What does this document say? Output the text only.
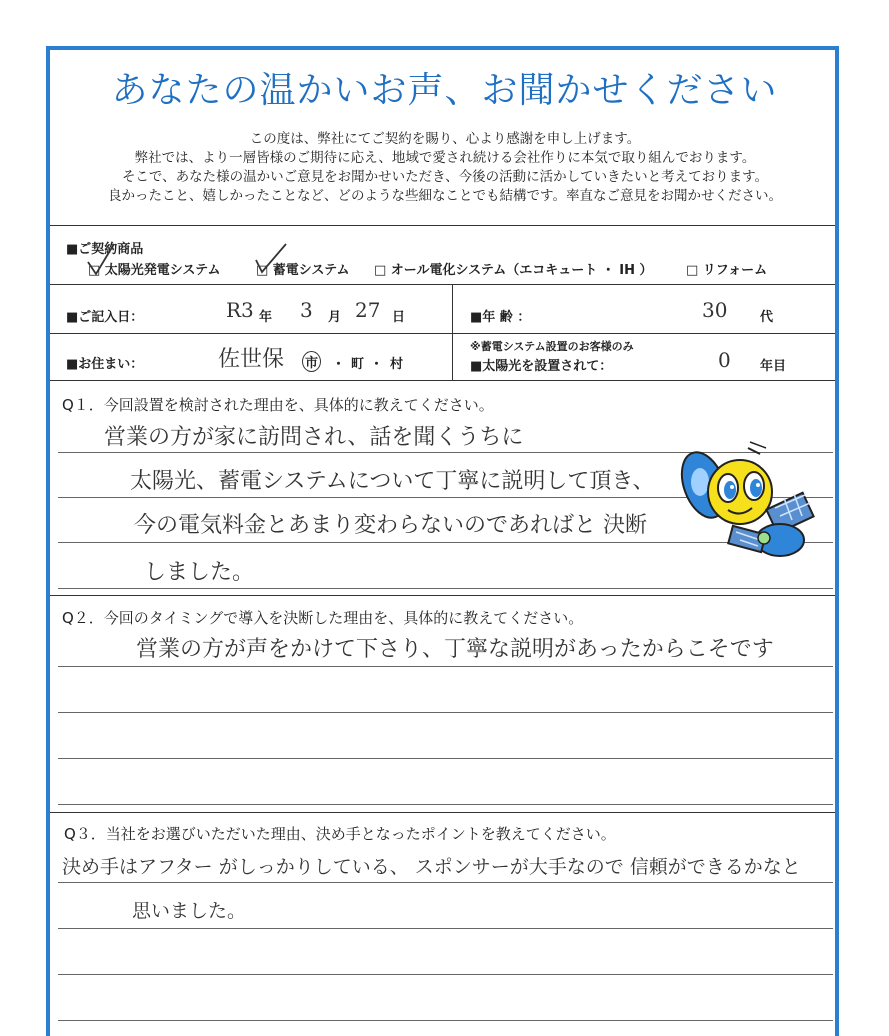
あなたの温かいお声、お聞かせください
この度は、弊社にてご契約を賜り、心より感謝を申し上げます。
弊社では、より一層皆様のご期待に応え、地域で愛され続ける会社作りに本気で取り組んでおります。
そこで、あなた様の温かいご意見をお聞かせいただき、今後の活動に活かしていきたいと考えております。
良かったこと、嬉しかったことなど、どのような些細なことでも結構です。率直なご意見をお聞かせください。
■ご契約商品
□ 太陽光発電システム	□ 蓄電システム □ オール電化システム（エコキュート ・ IH ）	□ リフォーム
■ご記入日：	R3 年 3 月 27 日	■年 齢 ：	30	代
■お住まい：	佐世保 市 ・ 町 ・ 村
※蓄電システム設置のお客様のみ
■太陽光を設置されて：	0 年目
Q１．今回設置を検討された理由を、具体的に教えてください。
営業の方が家に訪問され、話を聞くうちに
太陽光、蓄電システムについて丁寧に説明して頂き、
今の電気料金とあまり変わらないのであればと 決断
しました。
Q２．今回のタイミングで導入を決断した理由を、具体的に教えてください。
営業の方が声をかけて下さり、丁寧な説明があったからこそです
Q３．当社をお選びいただいた理由、決め手となったポイントを教えてください。
決め手はアフター がしっかりしている、 スポンサーが大手なので 信頼ができるかなと
思いました。
